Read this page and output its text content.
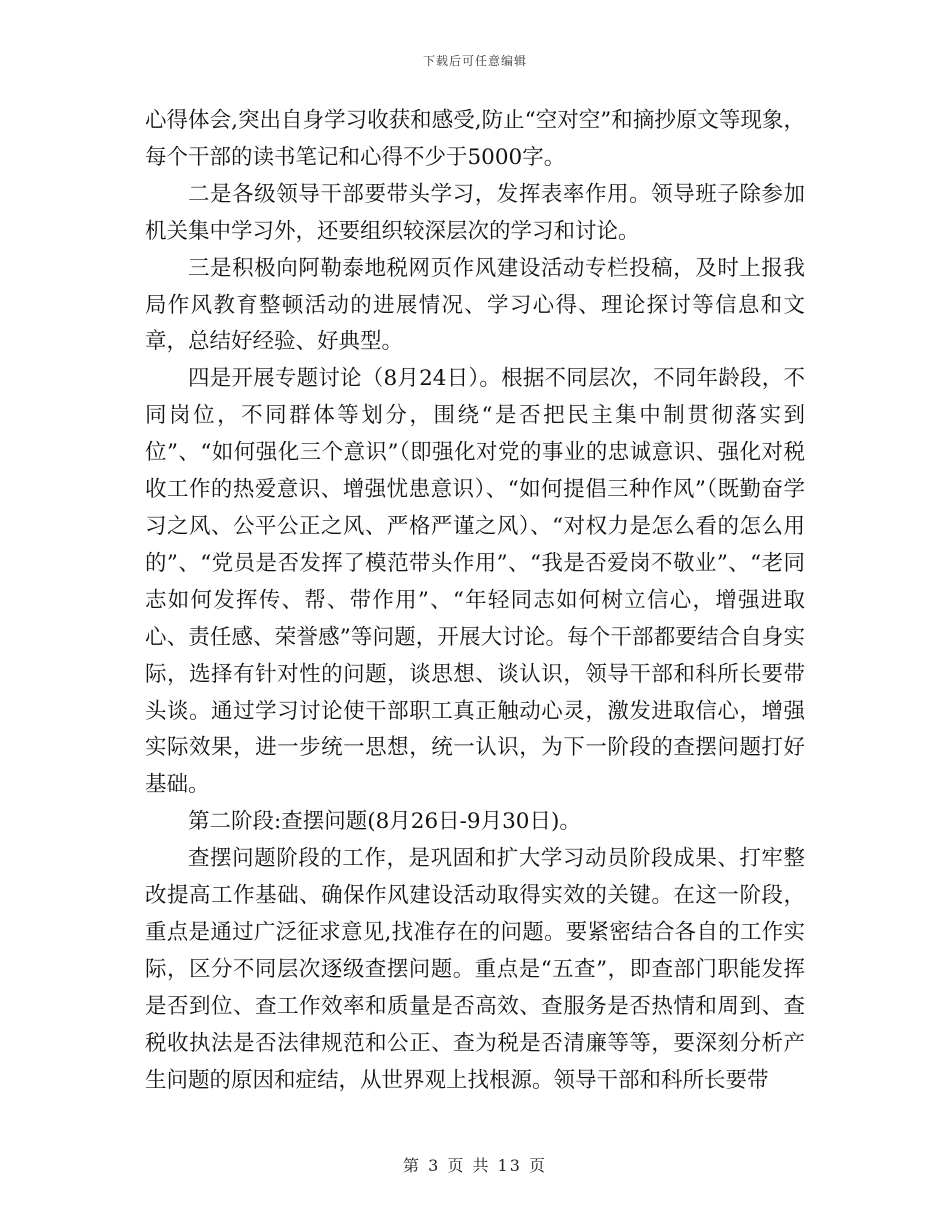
下载后可任意编辑

心得体会,突出自身学习收获和感受,防止“空对空”和摘抄原文等现象，每个干部的读书笔记和心得不少于5000字。

二是各级领导干部要带头学习，发挥表率作用。领导班子除参加机关集中学习外，还要组织较深层次的学习和讨论。

三是积极向阿勒泰地税网页作风建设活动专栏投稿，及时上报我局作风教育整顿活动的进展情况、学习心得、理论探讨等信息和文章，总结好经验、好典型。

四是开展专题讨论（8月24日）。根据不同层次，不同年龄段，不同岗位，不同群体等划分，围绕“是否把民主集中制贯彻落实到位”、“如何强化三个意识”（即强化对党的事业的忠诚意识、强化对税收工作的热爱意识、增强忧患意识）、“如何提倡三种作风”（既勤奋学习之风、公平公正之风、严格严谨之风）、“对权力是怎么看的怎么用的”、“党员是否发挥了模范带头作用”、“我是否爱岗不敬业”、“老同志如何发挥传、帮、带作用”、“年轻同志如何树立信心，增强进取心、责任感、荣誉感”等问题，开展大讨论。每个干部都要结合自身实际，选择有针对性的问题，谈思想、谈认识，领导干部和科所长要带头谈。通过学习讨论使干部职工真正触动心灵，激发进取信心，增强实际效果，进一步统一思想，统一认识，为下一阶段的查摆问题打好基础。

第二阶段:查摆问题(8月26日-9月30日)。

查摆问题阶段的工作，是巩固和扩大学习动员阶段成果、打牢整改提高工作基础、确保作风建设活动取得实效的关键。在这一阶段，重点是通过广泛征求意见,找准存在的问题。要紧密结合各自的工作实际，区分不同层次逐级查摆问题。重点是“五查”，即查部门职能发挥是否到位、查工作效率和质量是否高效、查服务是否热情和周到、查税收执法是否法律规范和公正、查为税是否清廉等等，要深刻分析产生问题的原因和症结，从世界观上找根源。领导干部和科所长要带

第 3 页 共 13 页
